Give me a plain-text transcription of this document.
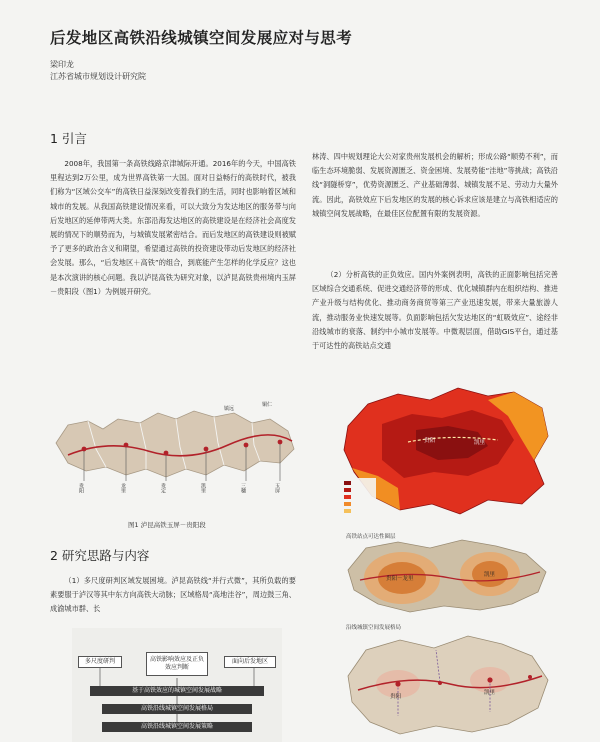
后发地区高铁沿线城镇空间发展应对与思考
梁印龙
江苏省城市规划设计研究院
1 引言

2008年，我国第一条高铁线路京津城际开通。2016年的今天，中国高铁里程达到2万公里，成为世界高铁第一大国。面对日益畅行的高铁时代，被我们称为“区域公交车”的高铁日益深刻改变着我们的生活，同时也影响着区域和城市的发展。从我国高铁建设情况来看，可以大致分为发达地区的服务带与向后发地区的延伸带两大类。东部沿海发达地区的高铁建设是在经济社会高度发展的情况下的顺势而为，与城镇发展紧密结合。而后发地区的高铁建设则被赋予了更多的政治含义和期望，希望通过高铁的投资建设带动后发地区的经济社会发展。那么，“后发地区＋高铁”的组合，到底能产生怎样的化学反应？这也是本次演讲的核心问题。我以泸昆高铁为研究对象，以泸昆高铁贵州境内玉屏－贵阳段（图1）为例展开研究。

贵阳	龙里	贵定	凯里	三穗	玉屏
铜仁
镇远
图1 泸昆高铁玉屏－贵阳段
2 研究思路与内容

（1）多尺度研判区域发展困境。泸昆高铁线“并行式微”，其所负载的要素要服于泸汉等其中东方向高铁大动脉；区域格局“高地洼谷”，周边鼓三角、成渝城市群、长

多尺度研判	高铁影响效应及正负效应判断
面向后发地区
基于高铁效应的城镇空间发展战略
高铁沿线城镇空间发展格局
高铁沿线城镇空间发展策略

林涛、四中规划理论大公对家贵州发展机会的解析；形成公路“顺势不利”，而临生态环境脆弱、发展资源匮乏、资金困境、发展势能“洼地”等挑战；高铁沿线“洞隧桥穿”，优势资源匮乏、产业基础薄弱、城镇发展不足、劳动力大量外流。因此，高铁效应下后发地区的发展的核心诉求应该是建立与高铁相适应的城镇空间发展战略，在最佳区位配置有限的发展资源。

（2）分析高铁的正负效应。国内外案例表明，高铁的正面影响包括完善区域综合交通系统、促进交通经济带的形成、优化城镇群内在组织结构、推进产业升级与结构优化、推动商务商贸等第三产业迅速发展，带来大量旅游人流，推动服务业快速发展等。负面影响包括欠发达地区的“虹吸效应”、途经非沿线城市的衰落、制约中小城市发展等。中微观层面，借助GIS平台，通过基于可达性的高铁站点交通

贵阳	凯里
高铁站点可达性圈层
贵阳－龙里
凯里
沿线城镇空间发展格局
贵阳
凯里
